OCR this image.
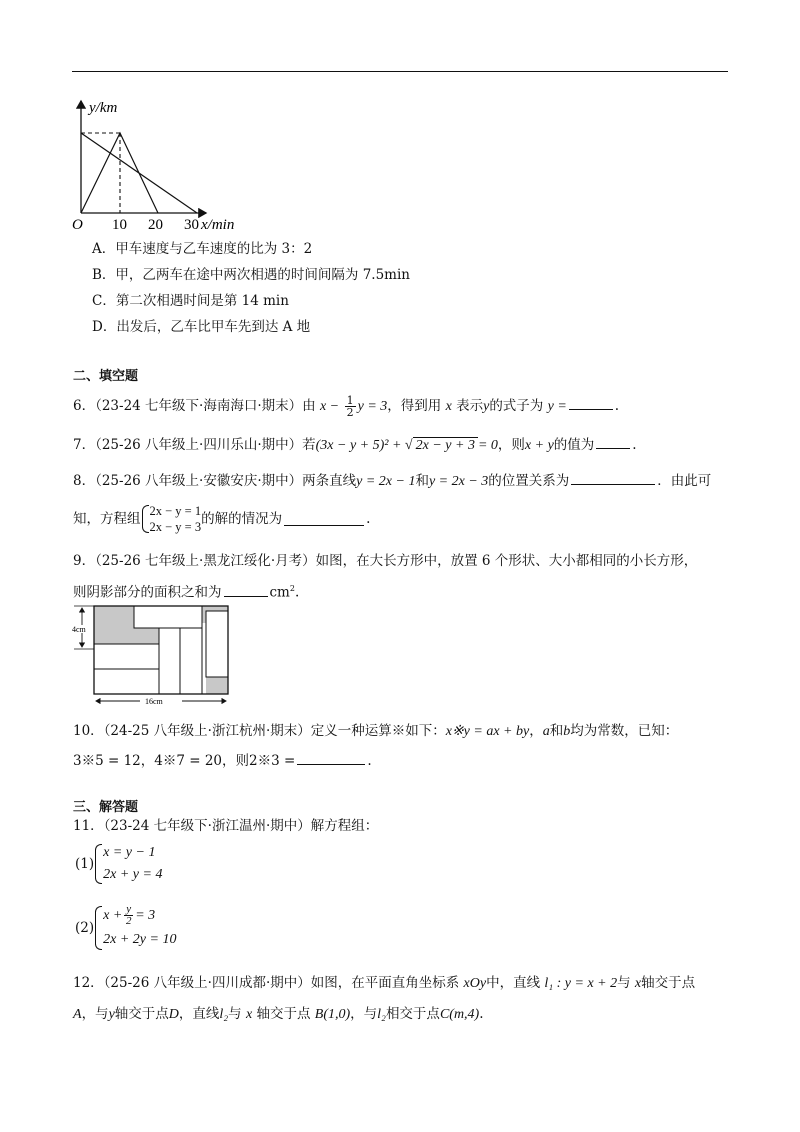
y/km
O 10 20 30 x/min
A．甲车速度与乙车速度的比为 3：2
B．甲，乙两车在途中两次相遇的时间间隔为 7.5min
C．第二次相遇时间是第 14 min
D．出发后，乙车比甲车先到达 A 地
二、填空题
6．（23-24 七年级下·海南海口·期末）由 $x - \frac{1}{2}$ y = 3，得到用 x 表示y的式子为 y =	.
7．（25-26 八年级上·四川乐山·期中）若(3x − y + 5)² + √ 2x − y + 3 = 0，则x + y的值为	.
8．（25-26 八年级上·安徽安庆·期中）两条直线y = 2x − 1和y = 2x − 3的位置关系为	．由此可
知，方程组 2x − y = 1
2x − y = 3 的解的情况为	.
9．（25-26 七年级上·黑龙江绥化·月考）如图，在大长方形中，放置 6 个形状、大小都相同的小长方形，
则阴影部分的面积之和为	$cm^2$.
4cm
16cm
10．（24-25 八年级上·浙江杭州·期末）定义一种运算※如下：x※y = ax + by，a和b均为常数，已知：
3※5 = 12，4※7 = 20，则2※3 =	.
三、解答题
11．（23-24 七年级下·浙江温州·期中）解方程组：
(1)
x = y − 1
2x + y = 4
(2)
$x + \frac{y}{2} = 3$
2x + 2y = 10
12．（25-26 八年级上·四川成都·期中）如图，在平面直角坐标系 xOy中，直线 l₁ : y = x + 2与 x轴交于点
A，与y轴交于点D，直线l₂与 x 轴交于点 B(1,0)，与l₂相交于点C(m,4).
